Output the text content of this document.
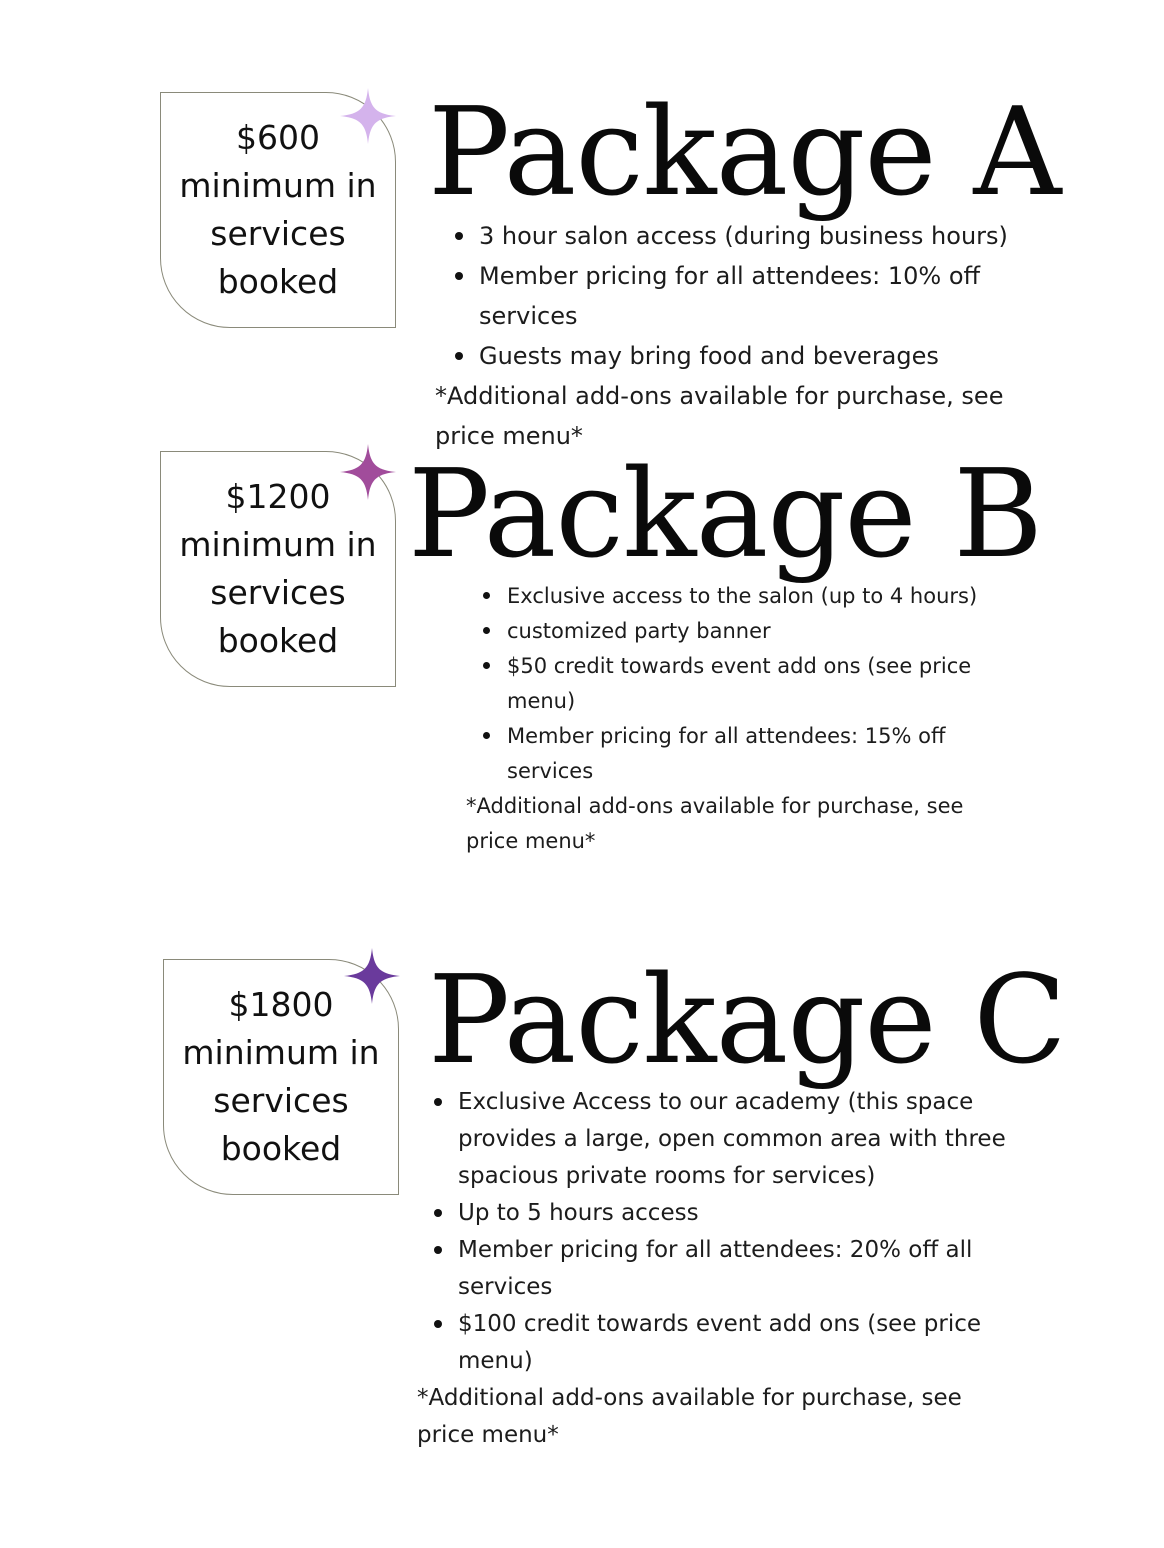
$600
minimum in
services
booked
Package A
3 hour salon access (during business hours)
Member pricing for all attendees: 10% off services
Guests may bring food and beverages

*Additional add-ons available for purchase, see price menu*

$1200
minimum in
services
booked
Package B
Exclusive access to the salon (up to 4 hours)
customized party banner
$50 credit towards event add ons (see price menu)
Member pricing for all attendees: 15% off services

*Additional add-ons available for purchase, see price menu*

$1800
minimum in
services
booked
Package C
Exclusive Access to our academy (this space provides a large, open common area with three spacious private rooms for services)
Up to 5 hours access
Member pricing for all attendees: 20% off all services
$100 credit towards event add ons (see price menu)

*Additional add-ons available for purchase, see price menu*
